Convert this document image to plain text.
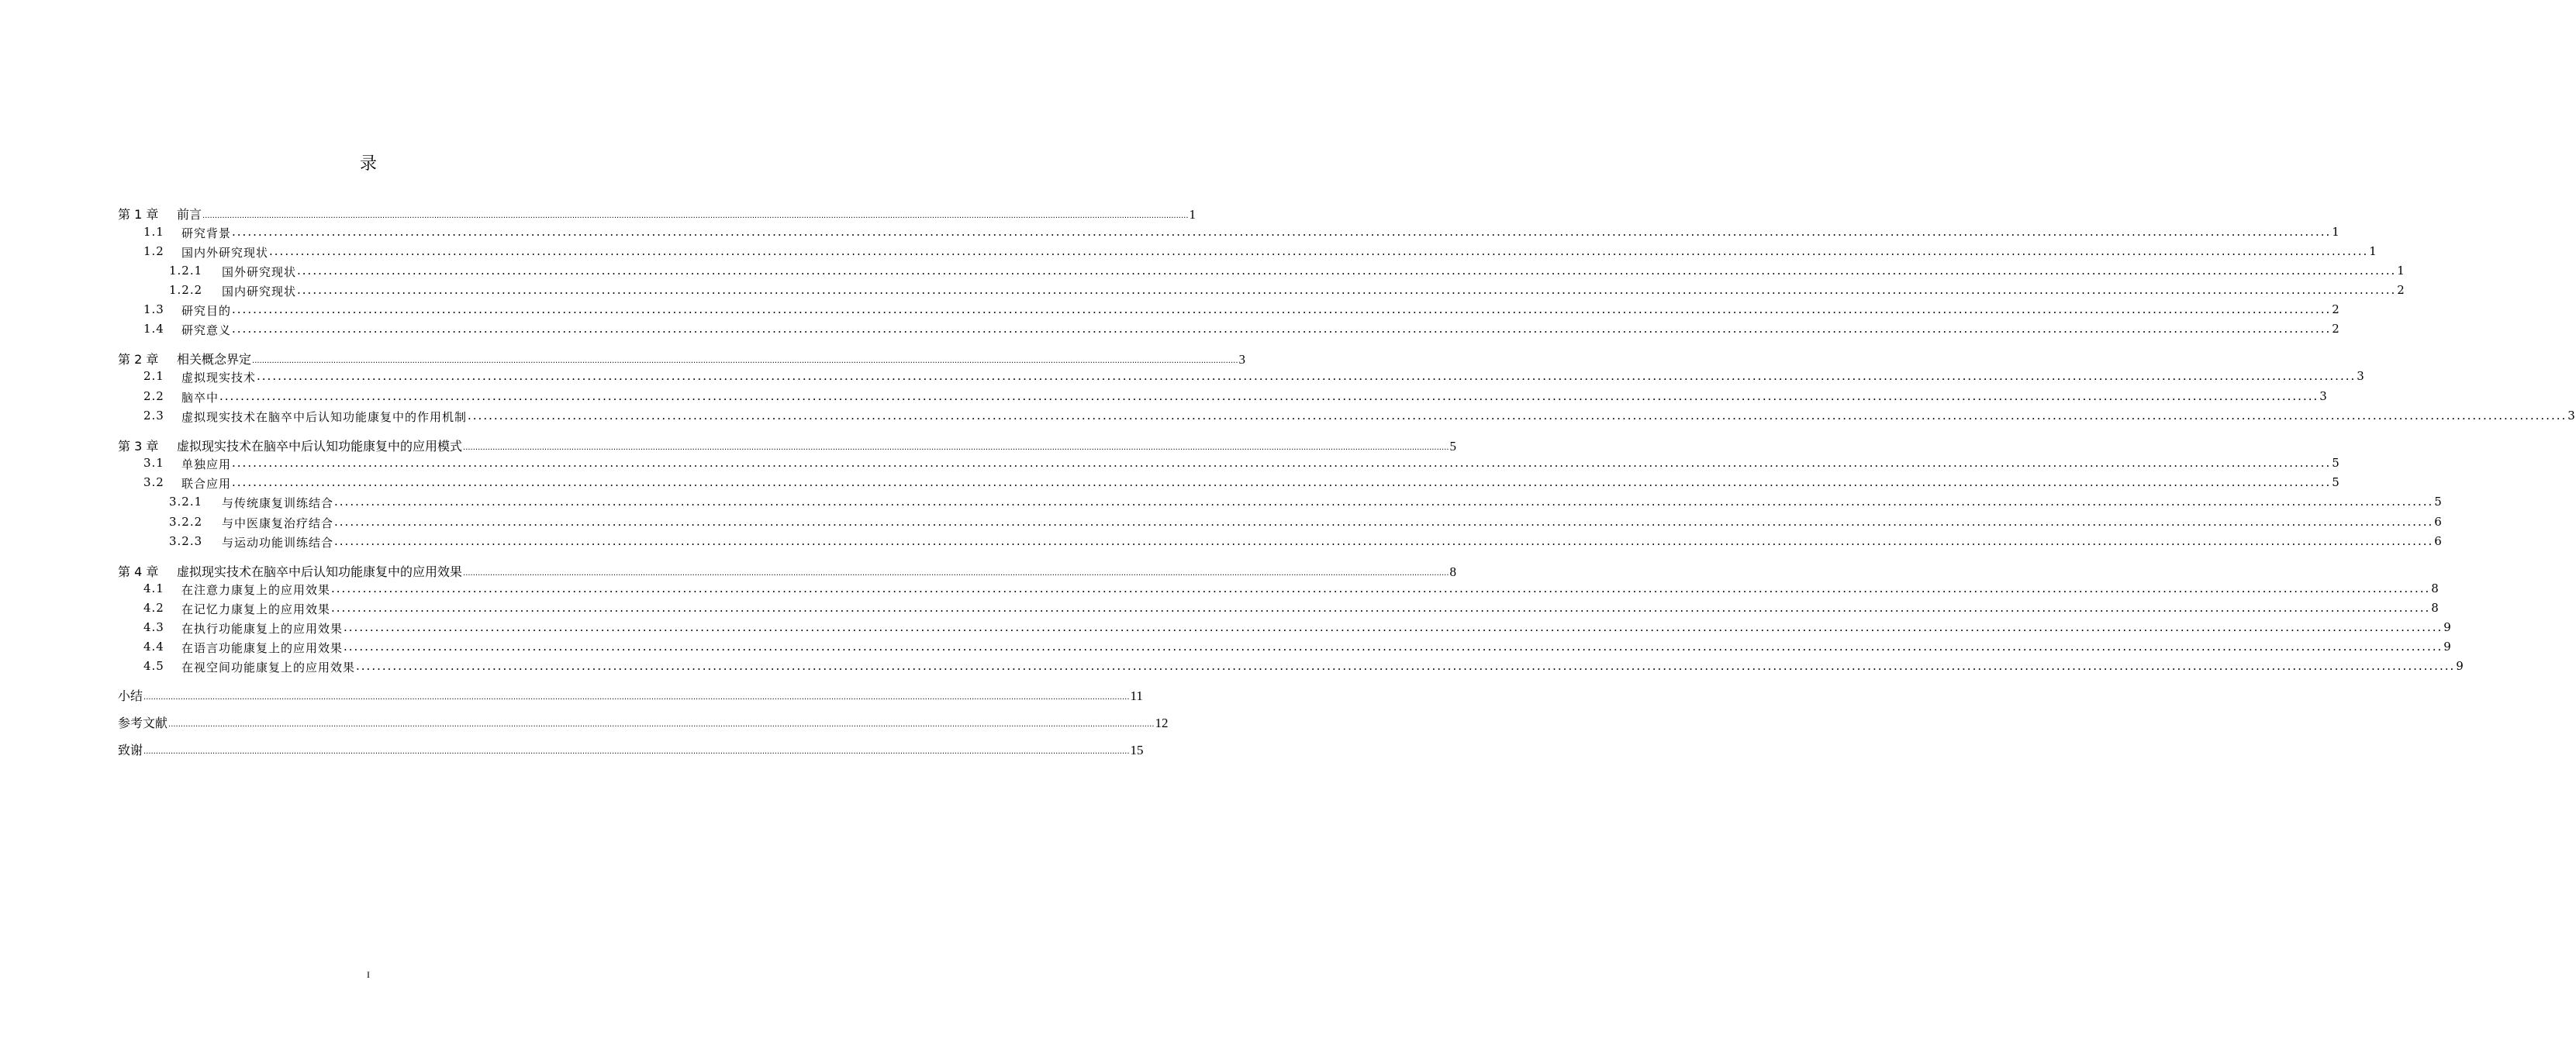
录
第 1 章	前言 ................................................................................................................................................................................................................................................................................................................................................................................................................ 1
1.1	研究背景 ................................................................................................................................................................................................................................................................................................................................................................................................................ 1
1.2	国内外研究现状 ................................................................................................................................................................................................................................................................................................................................................................................................................ 1
1.2.1	国外研究现状 ................................................................................................................................................................................................................................................................................................................................................................................................................ 1
1.2.2	国内研究现状 ................................................................................................................................................................................................................................................................................................................................................................................................................ 2
1.3	研究目的 ................................................................................................................................................................................................................................................................................................................................................................................................................ 2
1.4	研究意义 ................................................................................................................................................................................................................................................................................................................................................................................................................ 2
第 2 章	相关概念界定 ................................................................................................................................................................................................................................................................................................................................................................................................................ 3
2.1	虚拟现实技术 ................................................................................................................................................................................................................................................................................................................................................................................................................ 3
2.2	脑卒中 ................................................................................................................................................................................................................................................................................................................................................................................................................ 3
2.3	虚拟现实技术在脑卒中后认知功能康复中的作用机制 ................................................................................................................................................................................................................................................................................................................................................................................................................ 3
第 3 章	虚拟现实技术在脑卒中后认知功能康复中的应用模式 ................................................................................................................................................................................................................................................................................................................................................................................................................ 5
3.1	单独应用 ................................................................................................................................................................................................................................................................................................................................................................................................................ 5
3.2	联合应用 ................................................................................................................................................................................................................................................................................................................................................................................................................ 5
3.2.1	与传统康复训练结合 ................................................................................................................................................................................................................................................................................................................................................................................................................ 5
3.2.2	与中医康复治疗结合 ................................................................................................................................................................................................................................................................................................................................................................................................................ 6
3.2.3	与运动功能训练结合 ................................................................................................................................................................................................................................................................................................................................................................................................................ 6
第 4 章	虚拟现实技术在脑卒中后认知功能康复中的应用效果 ................................................................................................................................................................................................................................................................................................................................................................................................................ 8
4.1	在注意力康复上的应用效果 ................................................................................................................................................................................................................................................................................................................................................................................................................ 8
4.2	在记忆力康复上的应用效果 ................................................................................................................................................................................................................................................................................................................................................................................................................ 8
4.3	在执行功能康复上的应用效果 ................................................................................................................................................................................................................................................................................................................................................................................................................ 9
4.4	在语言功能康复上的应用效果 ................................................................................................................................................................................................................................................................................................................................................................................................................ 9
4.5	在视空间功能康复上的应用效果 ................................................................................................................................................................................................................................................................................................................................................................................................................ 9
小结 ................................................................................................................................................................................................................................................................................................................................................................................................................ 11
参考文献 ................................................................................................................................................................................................................................................................................................................................................................................................................ 12
致谢 ................................................................................................................................................................................................................................................................................................................................................................................................................ 15
I
